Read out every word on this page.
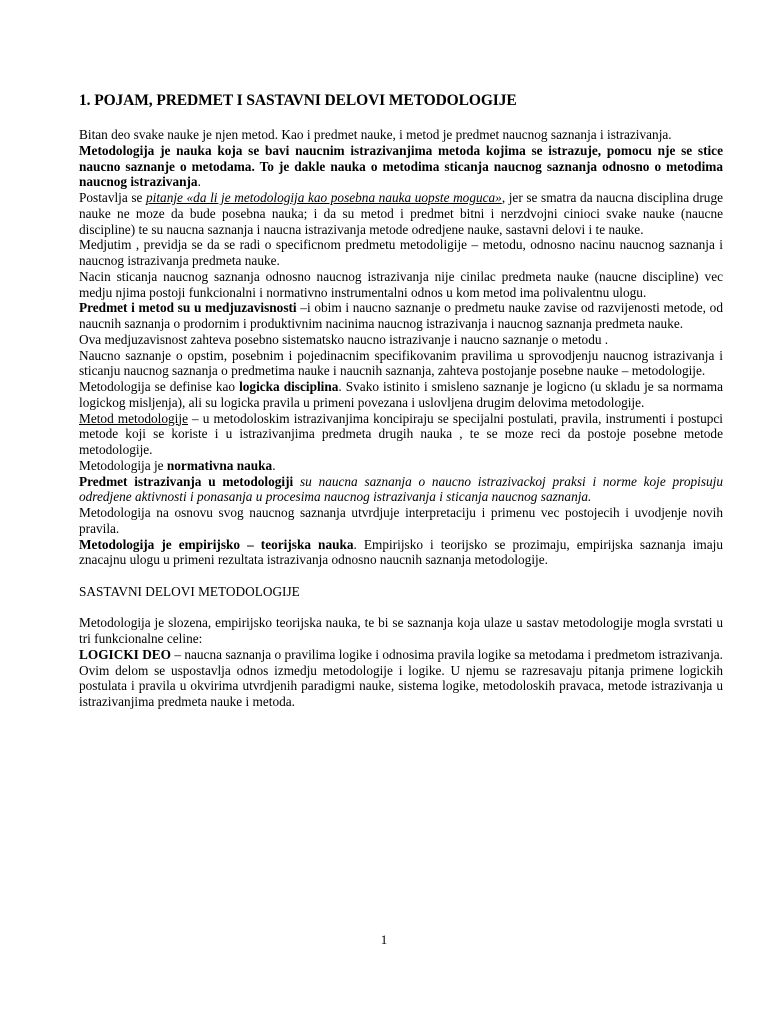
1. POJAM, PREDMET I SASTAVNI DELOVI METODOLOGIJE

Bitan deo svake nauke je njen metod. Kao i predmet nauke, i metod je predmet naucnog saznanja i istrazivanja.

Metodologija je nauka koja se bavi naucnim istrazivanjima metoda kojima se istrazuje, pomocu nje se stice naucno saznanje o metodama. To je dakle nauka o metodima sticanja naucnog saznanja odnosno o metodima naucnog istrazivanja.

Postavlja se pitanje «da li je metodologija kao posebna nauka uopste moguca», jer se smatra da naucna disciplina druge nauke ne moze da bude posebna nauka; i da su metod i predmet bitni i nerzdvojni cinioci svake nauke (naucne discipline) te su naucna saznanja i naucna istrazivanja metode odredjene nauke, sastavni delovi i te nauke.

Medjutim , previdja se da se radi o specificnom predmetu metodoligije – metodu, odnosno nacinu naucnog saznanja i naucnog istrazivanja predmeta nauke.

Nacin sticanja naucnog saznanja odnosno naucnog istrazivanja nije cinilac predmeta nauke (naucne discipline) vec medju njima postoji funkcionalni i normativno instrumentalni odnos u kom metod ima polivalentnu ulogu.

Predmet i metod su u medjuzavisnosti –i obim i naucno saznanje o predmetu nauke zavise od razvijenosti metode, od naucnih saznanja o prodornim i produktivnim nacinima naucnog istrazivanja i naucnog saznanja predmeta nauke.

Ova medjuzavisnost zahteva posebno sistematsko naucno istrazivanje i naucno saznanje o metodu .

Naucno saznanje o opstim, posebnim i pojedinacnim specifikovanim pravilima u sprovodjenju naucnog istrazivanja i sticanju naucnog saznanja o predmetima nauke i naucnih saznanja, zahteva postojanje posebne nauke – metodologije.

Metodologija se definise kao logicka disciplina. Svako istinito i smisleno saznanje je logicno (u skladu je sa normama logickog misljenja), ali su logicka pravila u primeni povezana i uslovljena drugim delovima metodologije.

Metod metodologije – u metodoloskim istrazivanjima koncipiraju se specijalni postulati, pravila, instrumenti i postupci metode koji se koriste i u istrazivanjima predmeta drugih nauka , te se moze reci da postoje posebne metode metodologije.

Metodologija je normativna nauka.

Predmet istrazivanja u metodologiji su naucna saznanja o naucno istrazivackoj praksi i norme koje propisuju odredjene aktivnosti i ponasanja u procesima naucnog istrazivanja i sticanja naucnog saznanja.

Metodologija na osnovu svog naucnog saznanja utvrdjuje interpretaciju i primenu vec postojecih i uvodjenje novih pravila.

Metodologija je empirijsko – teorijska nauka. Empirijsko i teorijsko se prozimaju, empirijska saznanja imaju znacajnu ulogu u primeni rezultata istrazivanja odnosno naucnih saznanja metodologije.

SASTAVNI DELOVI METODOLOGIJE

Metodologija je slozena, empirijsko teorijska nauka, te bi se saznanja koja ulaze u sastav metodologije mogla svrstati u tri funkcionalne celine:

LOGICKI DEO – naucna saznanja o pravilima logike i odnosima pravila logike sa metodama i predmetom istrazivanja. Ovim delom se uspostavlja odnos izmedju metodologije i logike. U njemu se razresavaju pitanja primene logickih postulata i pravila u okvirima utvrdjenih paradigmi nauke, sistema logike, metodoloskih pravaca, metode istrazivanja u istrazivanjima predmeta nauke i metoda.

1
